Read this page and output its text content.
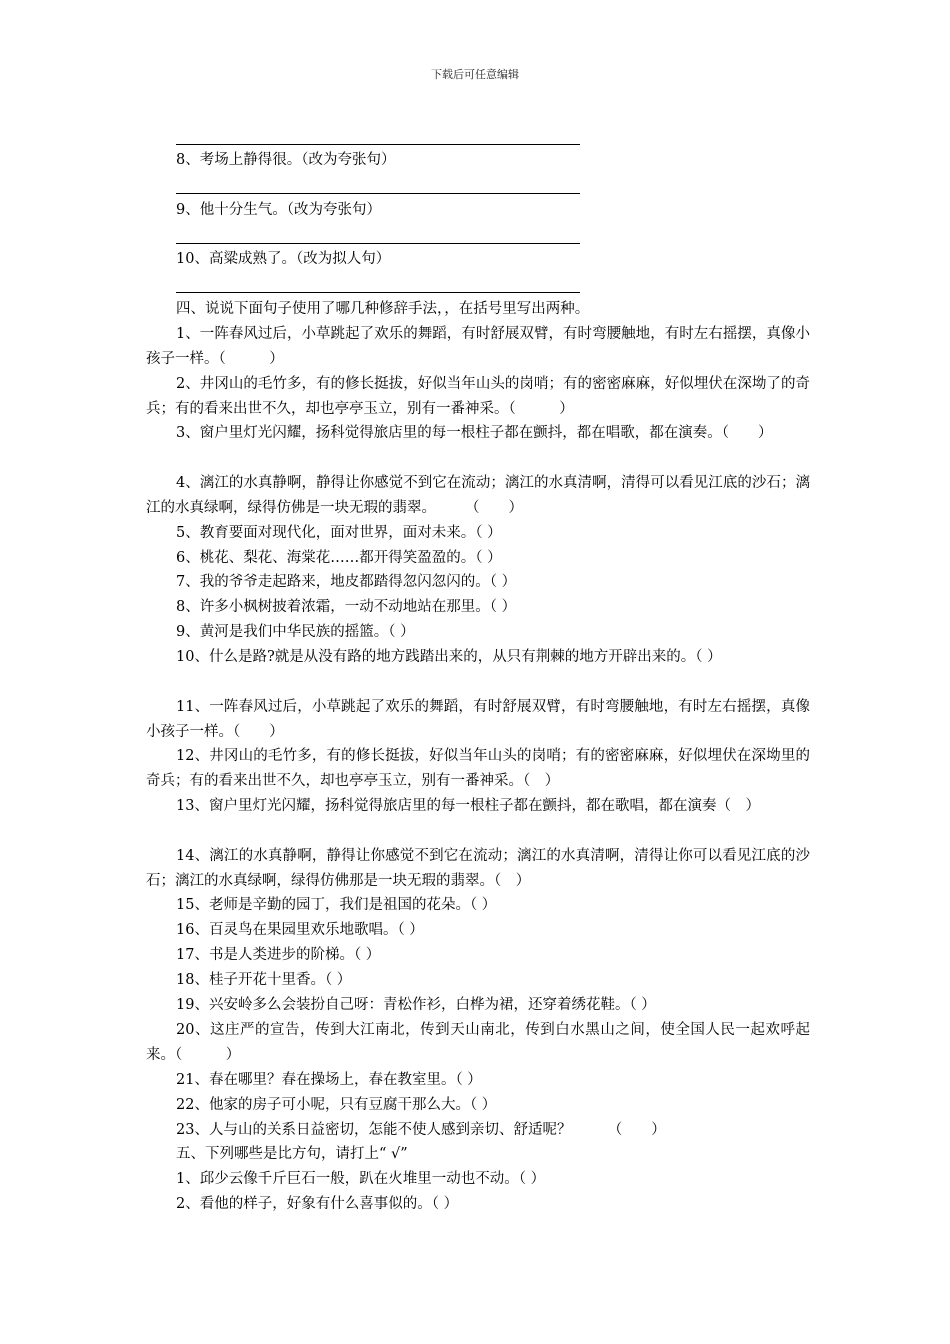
下载后可任意编辑
8、考场上静得很。（改为夸张句）
9、他十分生气。（改为夸张句）
10、高粱成熟了。（改为拟人句）
四、说说下面句子使用了哪几种修辞手法，，在括号里写出两种。
1、一阵春风过后，小草跳起了欢乐的舞蹈，有时舒展双臂，有时弯腰触地，有时左右摇摆，真像小孩子一样。（　　　）
2、井冈山的毛竹多，有的修长挺拔，好似当年山头的岗哨；有的密密麻麻，好似埋伏在深坳了的奇兵；有的看来出世不久，却也亭亭玉立，别有一番神采。（　　　）
3、窗户里灯光闪耀，扬科觉得旅店里的每一根柱子都在颤抖，都在唱歌，都在演奏。（　　）
4、漓江的水真静啊，静得让你感觉不到它在流动；漓江的水真清啊，清得可以看见江底的沙石；漓江的水真绿啊，绿得仿佛是一块无瑕的翡翠。　　　（　　）
5、教育要面对现代化，面对世界，面对未来。（ ）
6、桃花、梨花、海棠花……都开得笑盈盈的。（ ）
7、我的爷爷走起路来，地皮都踏得忽闪忽闪的。（ ）
8、许多小枫树披着浓霜，一动不动地站在那里。（ ）
9、黄河是我们中华民族的摇篮。（ ）
10、什么是路?就是从没有路的地方践踏出来的，从只有荆棘的地方开辟出来的。（ ）
11、一阵春风过后，小草跳起了欢乐的舞蹈，有时舒展双臂，有时弯腰触地，有时左右摇摆，真像小孩子一样。（　　）
12、井冈山的毛竹多，有的修长挺拔，好似当年山头的岗哨；有的密密麻麻，好似埋伏在深坳里的奇兵；有的看来出世不久，却也亭亭玉立，别有一番神采。（　）
13、窗户里灯光闪耀，扬科觉得旅店里的每一根柱子都在颤抖，都在歌唱，都在演奏（　）
14、漓江的水真静啊，静得让你感觉不到它在流动；漓江的水真清啊，清得让你可以看见江底的沙石；漓江的水真绿啊，绿得仿佛那是一块无瑕的翡翠。（　）
15、老师是辛勤的园丁，我们是祖国的花朵。（ ）
16、百灵鸟在果园里欢乐地歌唱。（ ）
17、书是人类进步的阶梯。（ ）
18、桂子开花十里香。（ ）
19、兴安岭多么会装扮自己呀：青松作衫，白桦为裙，还穿着绣花鞋。（ ）
20、这庄严的宣告，传到大江南北，传到天山南北，传到白水黑山之间，使全国人民一起欢呼起来。（　　　）
21、春在哪里？春在操场上，春在教室里。（ ）
22、他家的房子可小呢，只有豆腐干那么大。（ ）
23、人与山的关系日益密切，怎能不使人感到亲切、舒适呢？　　　（　　）
五、下列哪些是比方句，请打上“ √”
1、邱少云像千斤巨石一般，趴在火堆里一动也不动。（ ）
2、看他的样子，好象有什么喜事似的。（ ）
